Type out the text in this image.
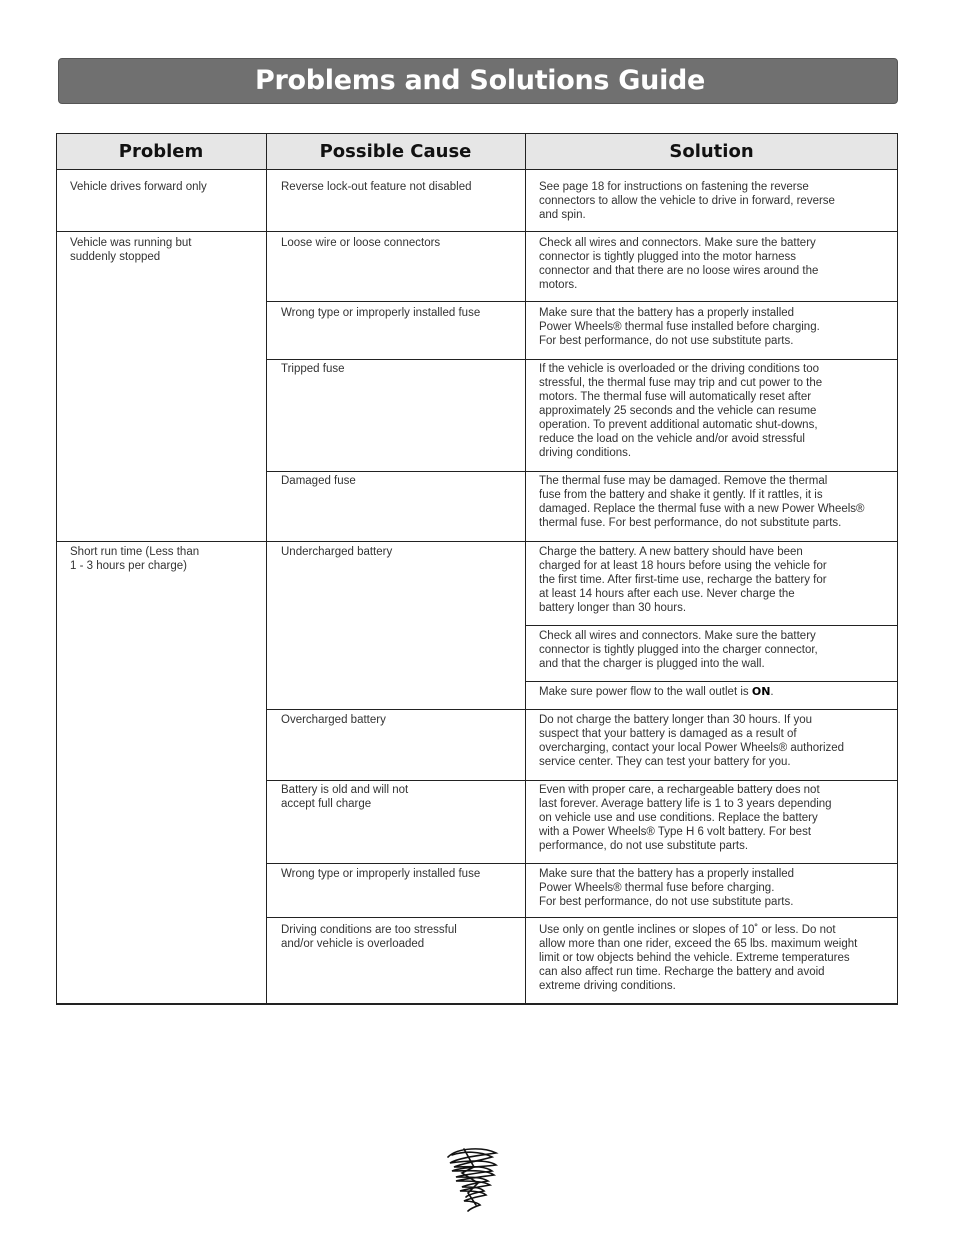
Problems and Solutions Guide
Problem	Possible Cause	Solution
Vehicle drives forward only
Vehicle was running but
suddenly stopped
Short run time (Less than
1 - 3 hours per charge)
Reverse lock-out feature not disabled
Loose wire or loose connectors
Wrong type or improperly installed fuse
Tripped fuse
Damaged fuse
Undercharged battery
Overcharged battery
Battery is old and will not
accept full charge
Wrong type or improperly installed fuse
Driving conditions are too stressful
and/or vehicle is overloaded
See page 18 for instructions on fastening the reverse
connectors to allow the vehicle to drive in forward, reverse
and spin.
Check all wires and connectors. Make sure the battery
connector is tightly plugged into the motor harness
connector and that there are no loose wires around the
motors.
Make sure that the battery has a properly installed
Power Wheels® thermal fuse installed before charging.
For best performance, do not use substitute parts.
If the vehicle is overloaded or the driving conditions too
stressful, the thermal fuse may trip and cut power to the
motors. The thermal fuse will automatically reset after
approximately 25 seconds and the vehicle can resume
operation. To prevent additional automatic shut-downs,
reduce the load on the vehicle and/or avoid stressful
driving conditions.
The thermal fuse may be damaged. Remove the thermal
fuse from the battery and shake it gently. If it rattles, it is
damaged. Replace the thermal fuse with a new Power Wheels®
thermal fuse. For best performance, do not substitute parts.
Charge the battery. A new battery should have been
charged for at least 18 hours before using the vehicle for
the first time. After first-time use, recharge the battery for
at least 14 hours after each use. Never charge the
battery longer than 30 hours.
Check all wires and connectors. Make sure the battery
connector is tightly plugged into the charger connector,
and that the charger is plugged into the wall.
Make sure power flow to the wall outlet is ON.
Do not charge the battery longer than 30 hours. If you
suspect that your battery is damaged as a result of
overcharging, contact your local Power Wheels® authorized
service center. They can test your battery for you.
Even with proper care, a rechargeable battery does not
last forever. Average battery life is 1 to 3 years depending
on vehicle use and use conditions. Replace the battery
with a Power Wheels® Type H 6 volt battery. For best
performance, do not use substitute parts.
Make sure that the battery has a properly installed
Power Wheels® thermal fuse before charging.
For best performance, do not use substitute parts.
Use only on gentle inclines or slopes of 10˚ or less. Do not
allow more than one rider, exceed the 65 lbs. maximum weight
limit or tow objects behind the vehicle. Extreme temperatures
can also affect run time. Recharge the battery and avoid
extreme driving conditions.
